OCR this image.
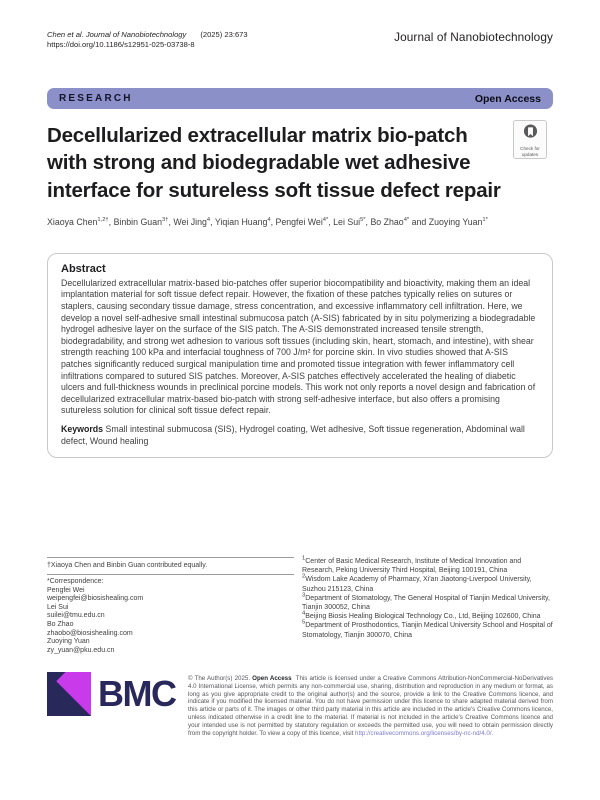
Chen et al. Journal of Nanobiotechnology (2025) 23:673
https://doi.org/10.1186/s12951-025-03738-8
Journal of Nanobiotechnology
RESEARCH	Open Access
Decellularized extracellular matrix bio-patch with strong and biodegradable wet adhesive interface for sutureless soft tissue defect repair
Check for
updates
Xiaoya Chen$^{1,2\dagger}$, Binbin Guan$^{3\dagger}$, Wei Jing$^4$, Yiqian Huang$^4$, Pengfei Wei$^{4*}$, Lei Sui$^{5*}$, Bo Zhao$^{4*}$ and Zuoying Yuan$^{1*}$
Abstract

Decellularized extracellular matrix-based bio-patches offer superior biocompatibility and bioactivity, making them an ideal implantation material for soft tissue defect repair. However, the fixation of these patches typically relies on sutures or staplers, causing secondary tissue damage, stress concentration, and excessive inflammatory cell infiltration. Here, we develop a novel self-adhesive small intestinal submucosa patch (A-SIS) fabricated by in situ polymerizing a biodegradable hydrogel adhesive layer on the surface of the SIS patch. The A-SIS demonstrated increased tensile strength, biodegradability, and strong wet adhesion to various soft tissues (including skin, heart, stomach, and intestine), with shear strength reaching 100 kPa and interfacial toughness of 700 J/m² for porcine skin. In vivo studies showed that A-SIS patches significantly reduced surgical manipulation time and promoted tissue integration with fewer inflammatory cell infiltrations compared to sutured SIS patches. Moreover, A-SIS patches effectively accelerated the healing of diabetic ulcers and full-thickness wounds in preclinical porcine models. This work not only reports a novel design and fabrication of decellularized extracellular matrix-based bio-patch with strong self-adhesive interface, but also offers a promising sutureless solution for clinical soft tissue defect repair.

Keywords Small intestinal submucosa (SIS), Hydrogel coating, Wet adhesive, Soft tissue regeneration, Abdominal wall defect, Wound healing

†Xiaoya Chen and Binbin Guan contributed equally.
*Correspondence:
Pengfei Wei
weipengfei@biosishealing.com
Lei Sui
suilei@tmu.edu.cn
Bo Zhao
zhaobo@biosishealing.com
Zuoying Yuan
zy_yuan@pku.edu.cn
$^1$Center of Basic Medical Research, Institute of Medical Innovation and Research, Peking University Third Hospital, Beijing 100191, China
$^2$Wisdom Lake Academy of Pharmacy, Xi'an Jiaotong-Liverpool University, Suzhou 215123, China
$^3$Department of Stomatology, The General Hospital of Tianjin Medical University, Tianjin 300052, China
$^4$Beijing Biosis Healing Biological Technology Co., Ltd, Beijing 102600, China
$^5$Department of Prosthodontics, Tianjin Medical University School and Hospital of Stomatology, Tianjin 300070, China
BMC © The Author(s) 2025. Open Access This article is licensed under a Creative Commons Attribution-NonCommercial-NoDerivatives 4.0 International License, which permits any non-commercial use, sharing, distribution and reproduction in any medium or format, as long as you give appropriate credit to the original author(s) and the source, provide a link to the Creative Commons licence, and indicate if you modified the licensed material. You do not have permission under this licence to share adapted material derived from this article or parts of it. The images or other third party material in this article are included in the article's Creative Commons licence, unless indicated otherwise in a credit line to the material. If material is not included in the article's Creative Commons licence and your intended use is not permitted by statutory regulation or exceeds the permitted use, you will need to obtain permission directly from the copyright holder. To view a copy of this licence, visit http://creativecommons.org/licenses/by-nc-nd/4.0/.
